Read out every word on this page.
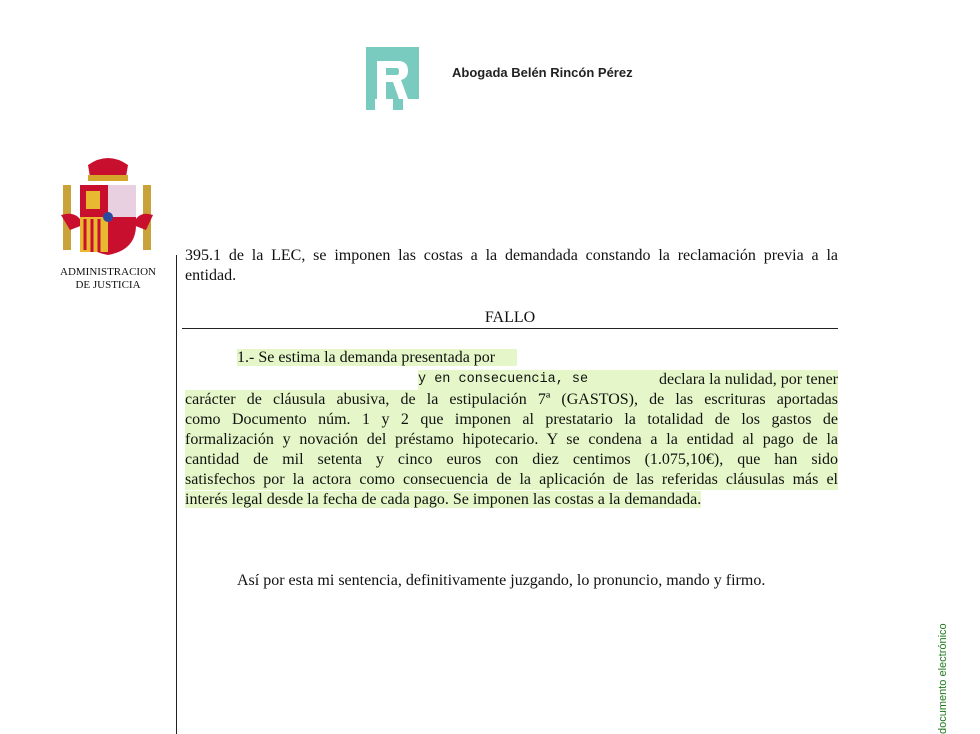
Abogada Belén Rincón Pérez
ADMINISTRACION
DE JUSTICIA
395.1 de la LEC, se imponen las costas a la demandada constando la reclamación previa a la
entidad.
FALLO
1.- Se estima la demanda presentada por
y en consecuencia, se	declara la nulidad, por tener
carácter de cláusula abusiva, de la estipulación 7ª (GASTOS), de las escrituras aportadas
como Documento núm. 1 y 2 que imponen al prestatario la totalidad de los gastos de
formalización y novación del préstamo hipotecario. Y se condena a la entidad al pago de la
cantidad de mil setenta y cinco euros con diez centimos (1.075,10€), que han sido
satisfechos por la actora como consecuencia de la aplicación de las referidas cláusulas más el
interés legal desde la fecha de cada pago. Se imponen las costas a la demandada.
Así por esta mi sentencia, definitivamente juzgando, lo pronuncio, mando y firmo.
documento electrónico
